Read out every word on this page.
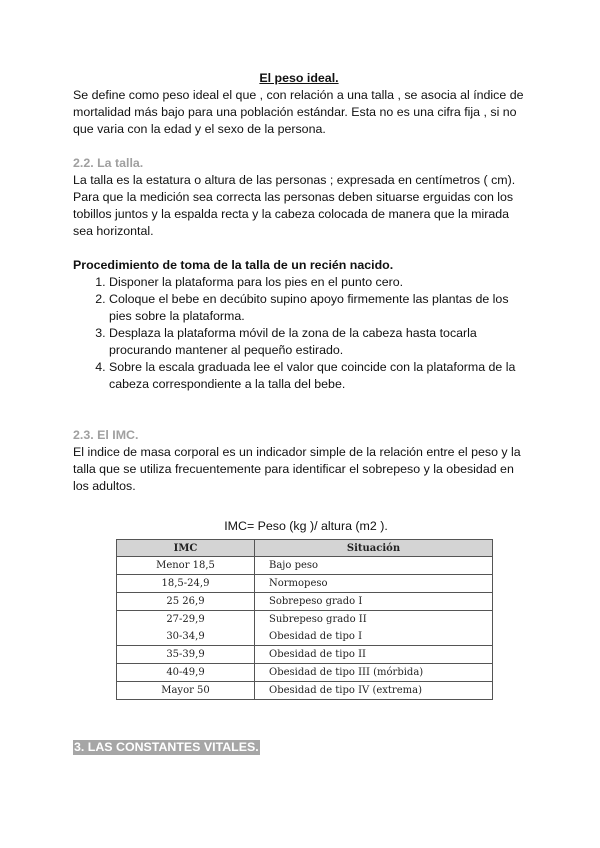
El peso ideal.

Se define como peso ideal el que , con relación a una talla , se asocia al índice de mortalidad más bajo para una población estándar. Esta no es una cifra fija , si no que varia con la edad y el sexo de la persona.

2.2. La talla.

La talla es la estatura o altura de las personas ; expresada en centímetros ( cm). Para que la medición sea correcta las personas deben situarse erguidas con los tobillos juntos y la espalda recta y la cabeza colocada de manera que la mirada sea horizontal.

Procedimiento de toma de la talla de un recién nacido.

1. Disponer la plataforma para los pies en el punto cero.
2. Coloque el bebe en decúbito supino apoyo firmemente las plantas de los pies sobre la plataforma.
3. Desplaza la plataforma móvil de la zona de la cabeza hasta tocarla procurando mantener al pequeño estirado.
4. Sobre la escala graduada lee el valor que coincide con la plataforma de la cabeza correspondiente a la talla del bebe.

2.3. El IMC.

El indice de masa corporal es un indicador simple de la relación entre el peso y la talla que se utiliza frecuentemente para identificar el sobrepeso y la obesidad en los adultos.

IMC= Peso (kg )/ altura (m2 ).

IMC	Situación
Menor 18,5	Bajo peso
18,5-24,9	Normopeso
25 26,9	Sobrepeso grado I
27-29,9	Subrepeso grado II
30-34,9	Obesidad de tipo I
35-39,9	Obesidad de tipo II
40-49,9	Obesidad de tipo III (mórbida)
Mayor 50	Obesidad de tipo IV (extrema)
3. LAS CONSTANTES VITALES.
